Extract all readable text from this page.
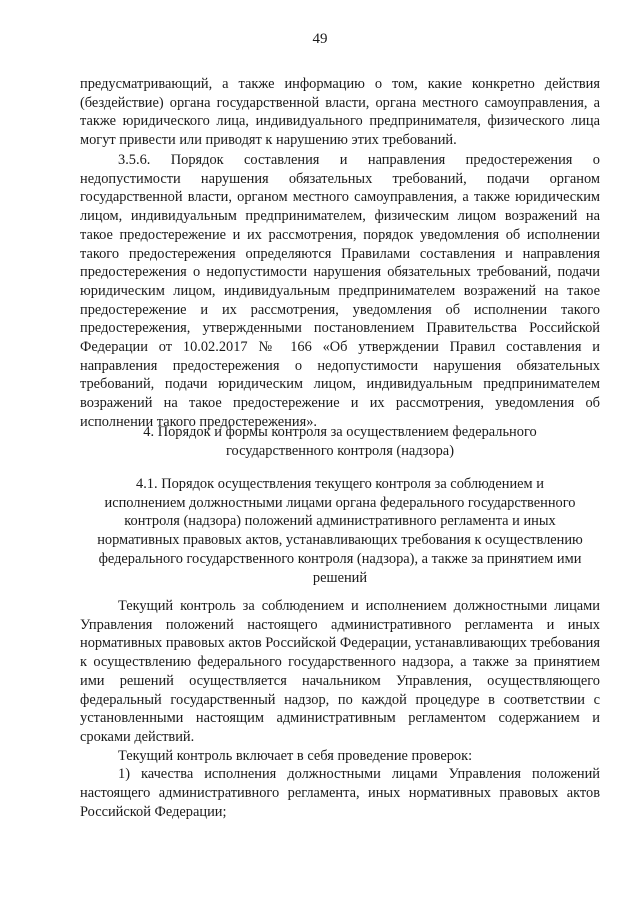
49

предусматривающий, а также информацию о том, какие конкретно действия (бездействие) органа государственной власти, органа местного самоуправления, а также юридического лица, индивидуального предпринимателя, физического лица могут привести или приводят к нарушению этих требований.

3.5.6. Порядок составления и направления предостережения о недопустимости нарушения обязательных требований, подачи органом государственной власти, органом местного самоуправления, а также юридическим лицом, индивидуальным предпринимателем, физическим лицом возражений на такое предостережение и их рассмотрения, порядок уведомления об исполнении такого предостережения определяются Правилами составления и направления предостережения о недопустимости нарушения обязательных требований, подачи юридическим лицом, индивидуальным предпринимателем возражений на такое предостережение и их рассмотрения, уведомления об исполнении такого предостережения, утвержденными постановлением Правительства Российской Федерации от 10.02.2017 № 166 «Об утверждении Правил составления и направления предостережения о недопустимости нарушения обязательных требований, подачи юридическим лицом, индивидуальным предпринимателем возражений на такое предостережение и их рассмотрения, уведомления об исполнении такого предостережения».

4. Порядок и формы контроля за осуществлением федерального государственного контроля (надзора)

4.1. Порядок осуществления текущего контроля за соблюдением и исполнением должностными лицами органа федерального государственного контроля (надзора) положений административного регламента и иных нормативных правовых актов, устанавливающих требования к осуществлению федерального государственного контроля (надзора), а также за принятием ими решений

Текущий контроль за соблюдением и исполнением должностными лицами Управления положений настоящего административного регламента и иных нормативных правовых актов Российской Федерации, устанавливающих требования к осуществлению федерального государственного надзора, а также за принятием ими решений осуществляется начальником Управления, осуществляющего федеральный государственный надзор, по каждой процедуре в соответствии с установленными настоящим административным регламентом содержанием и сроками действий.

Текущий контроль включает в себя проведение проверок:

1) качества исполнения должностными лицами Управления положений настоящего административного регламента, иных нормативных правовых актов Российской Федерации;
